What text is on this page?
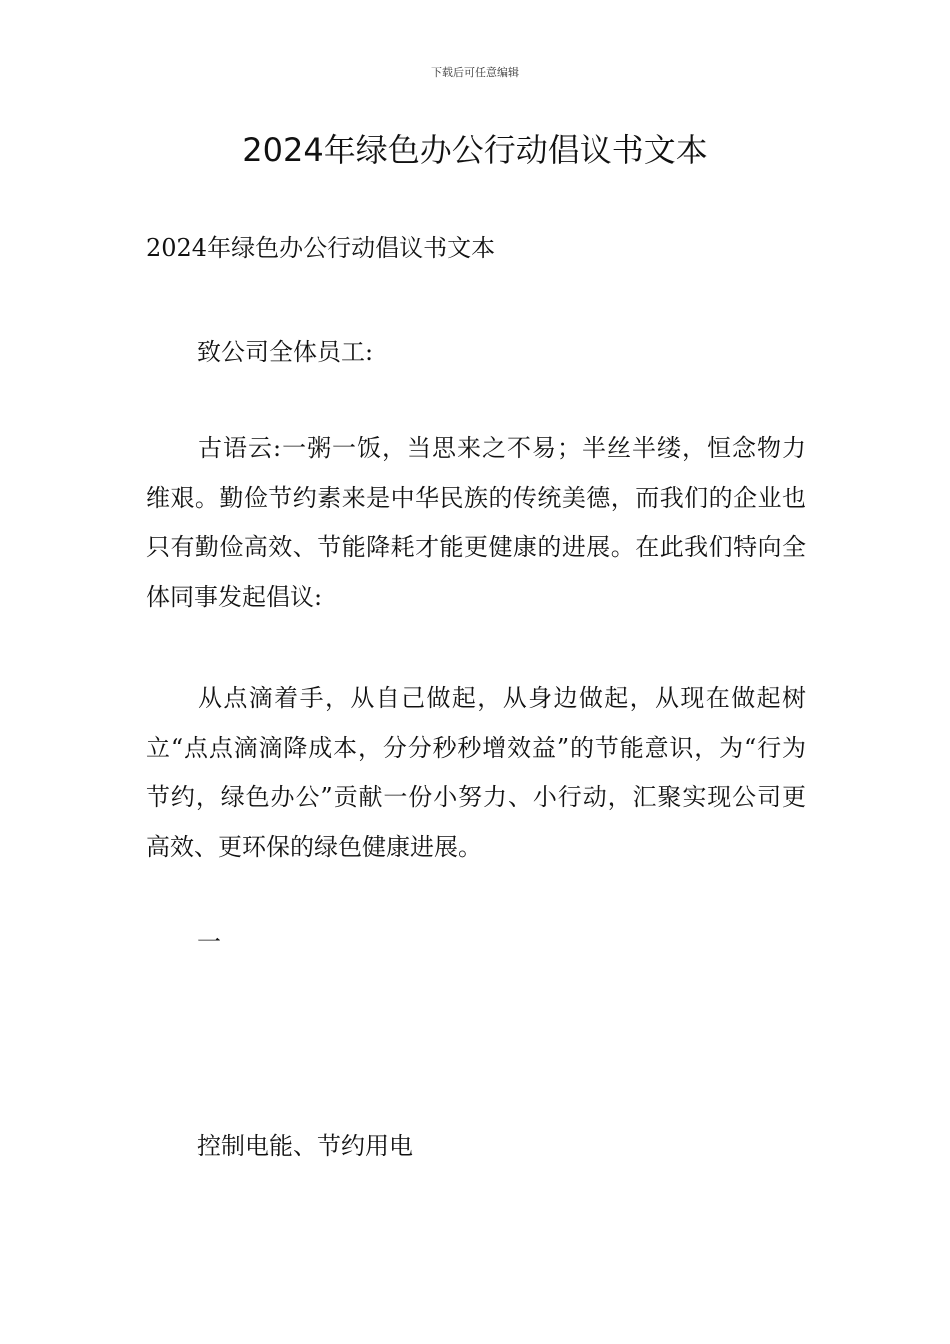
下载后可任意编辑
2024年绿色办公行动倡议书文本
2024年绿色办公行动倡议书文本
致公司全体员工:

古语云:一粥一饭，当思来之不易；半丝半缕，恒念物力维艰。勤俭节约素来是中华民族的传统美德，而我们的企业也只有勤俭高效、节能降耗才能更健康的进展。在此我们特向全体同事发起倡议:

从点滴着手，从自己做起，从身边做起，从现在做起树立“点点滴滴降成本，分分秒秒增效益”的节能意识，为“行为节约，绿色办公”贡献一份小努力、小行动，汇聚实现公司更高效、更环保的绿色健康进展。

一
控制电能、节约用电
